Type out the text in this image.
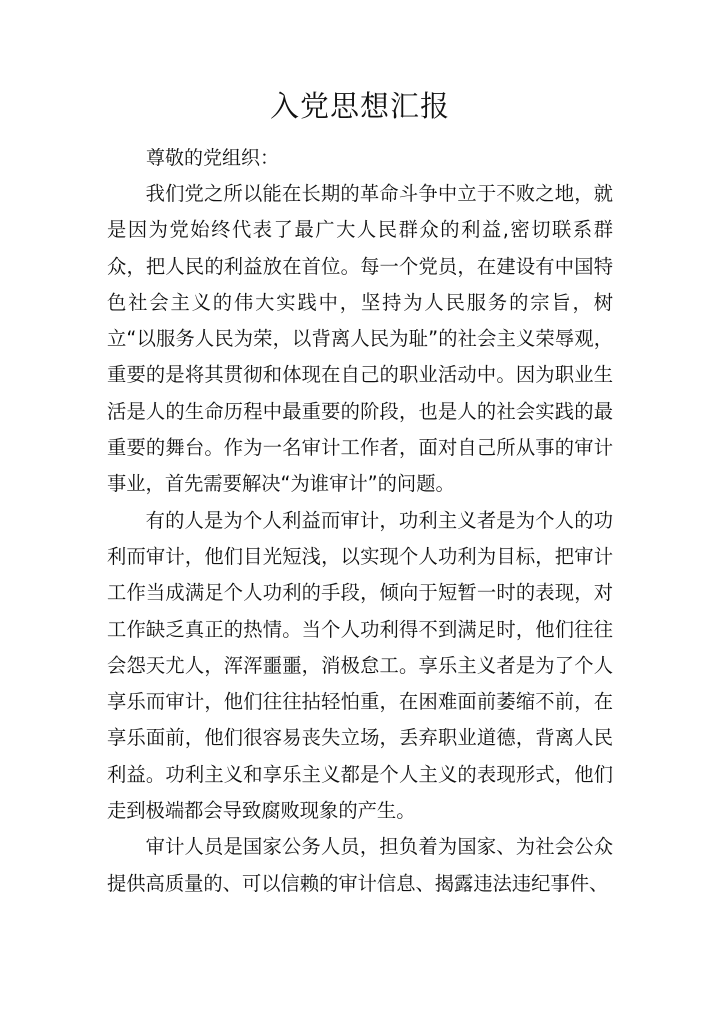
入党思想汇报

尊敬的党组织：

我们党之所以能在长期的革命斗争中立于不败之地，就是因为党始终代表了最广大人民群众的利益,密切联系群众，把人民的利益放在首位。每一个党员，在建设有中国特色社会主义的伟大实践中，坚持为人民服务的宗旨，树立“以服务人民为荣，以背离人民为耻”的社会主义荣辱观，重要的是将其贯彻和体现在自己的职业活动中。因为职业生活是人的生命历程中最重要的阶段，也是人的社会实践的最重要的舞台。作为一名审计工作者，面对自己所从事的审计事业，首先需要解决“为谁审计”的问题。

有的人是为个人利益而审计，功利主义者是为个人的功利而审计，他们目光短浅，以实现个人功利为目标，把审计工作当成满足个人功利的手段，倾向于短暂一时的表现，对工作缺乏真正的热情。当个人功利得不到满足时，他们往往会怨天尤人，浑浑噩噩，消极怠工。享乐主义者是为了个人享乐而审计，他们往往拈轻怕重，在困难面前萎缩不前，在享乐面前，他们很容易丧失立场，丢弃职业道德，背离人民利益。功利主义和享乐主义都是个人主义的表现形式，他们走到极端都会导致腐败现象的产生。

审计人员是国家公务人员，担负着为国家、为社会公众提供高质量的、可以信赖的审计信息、揭露违法违纪事件、
